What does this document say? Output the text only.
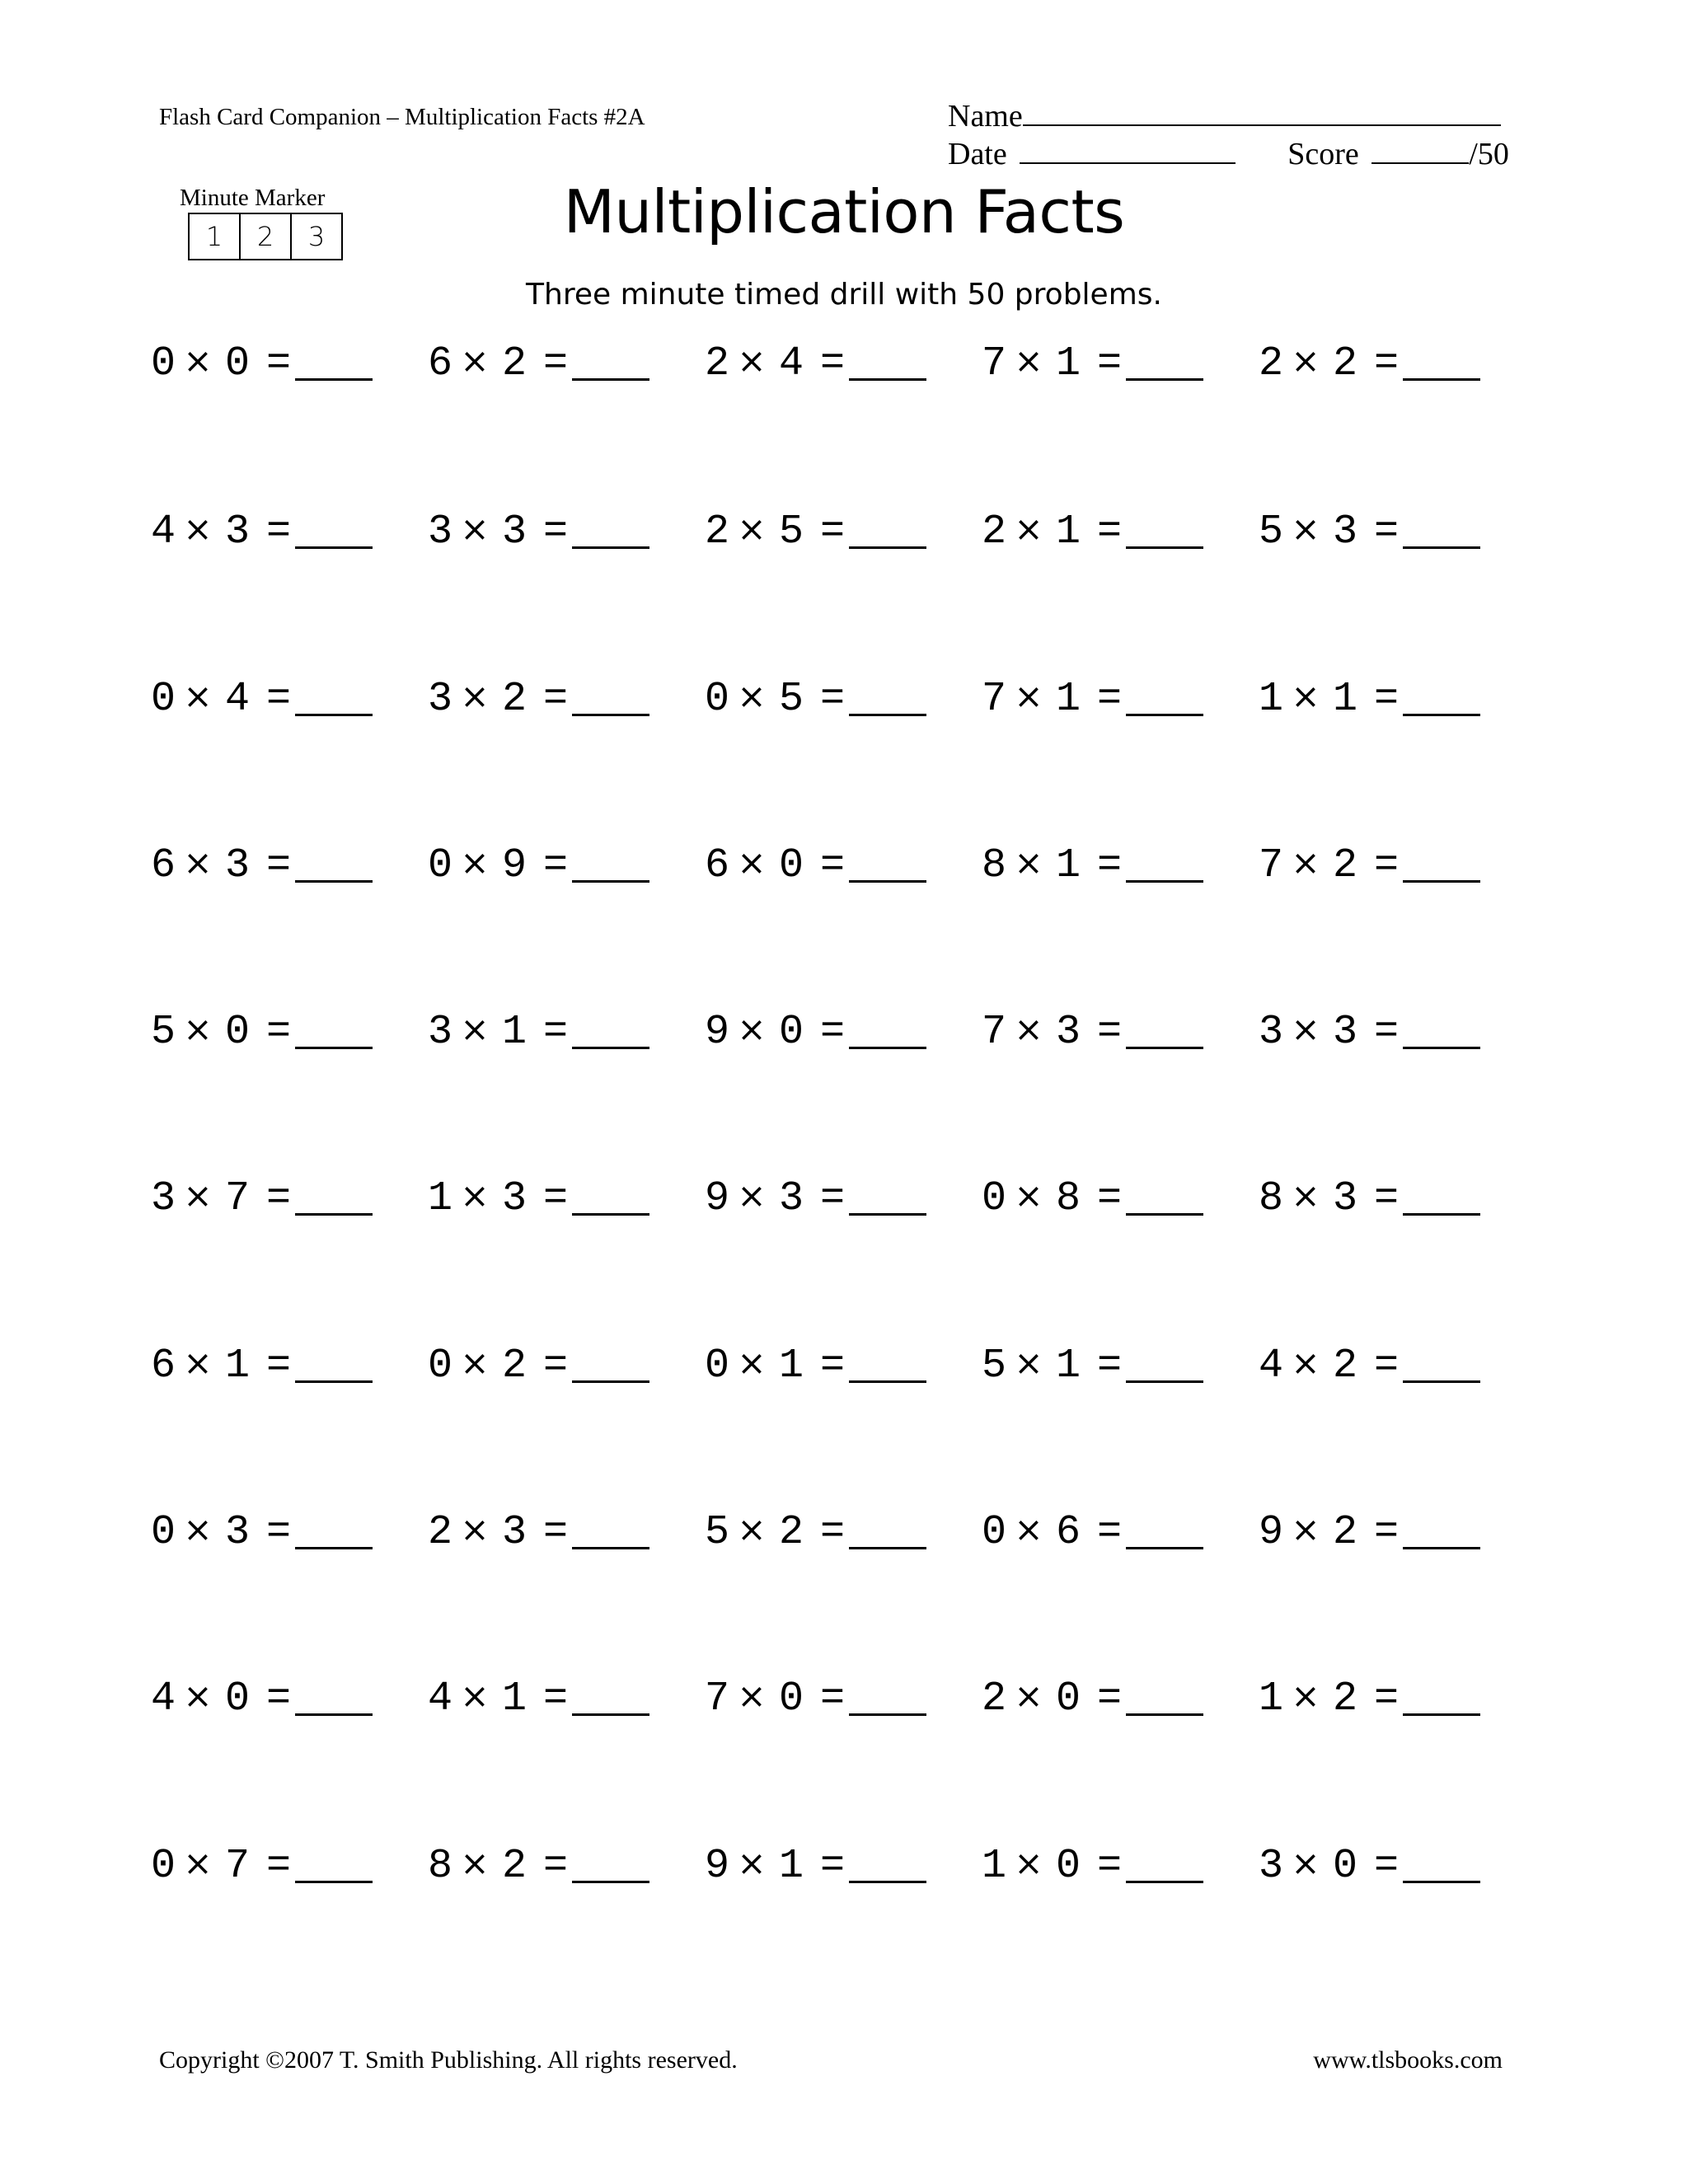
Flash Card Companion – Multiplication Facts #2A	Name
Date	Score	/50
Minute Marker
1	2	3	Multiplication Facts
Three minute timed drill with 50 problems.
0 × 0 =	6 × 2 =	2 × 4 =	7 × 1 =	2 × 2 =
4 × 3 =	3 × 3 =	2 × 5 =	2 × 1 =	5 × 3 =
0 × 4 =	3 × 2 =	0 × 5 =	7 × 1 =	1 × 1 =
6 × 3 =	0 × 9 =	6 × 0 =	8 × 1 =	7 × 2 =
5 × 0 =	3 × 1 =	9 × 0 =	7 × 3 =	3 × 3 =
3 × 7 =	1 × 3 =	9 × 3 =	0 × 8 =	8 × 3 =
6 × 1 =	0 × 2 =	0 × 1 =	5 × 1 =	4 × 2 =
0 × 3 =	2 × 3 =	5 × 2 =	0 × 6 =	9 × 2 =
4 × 0 =	4 × 1 =	7 × 0 =	2 × 0 =	1 × 2 =
0 × 7 =	8 × 2 =	9 × 1 =	1 × 0 =	3 × 0 =
Copyright ©2007 T. Smith Publishing. All rights reserved.	www.tlsbooks.com
